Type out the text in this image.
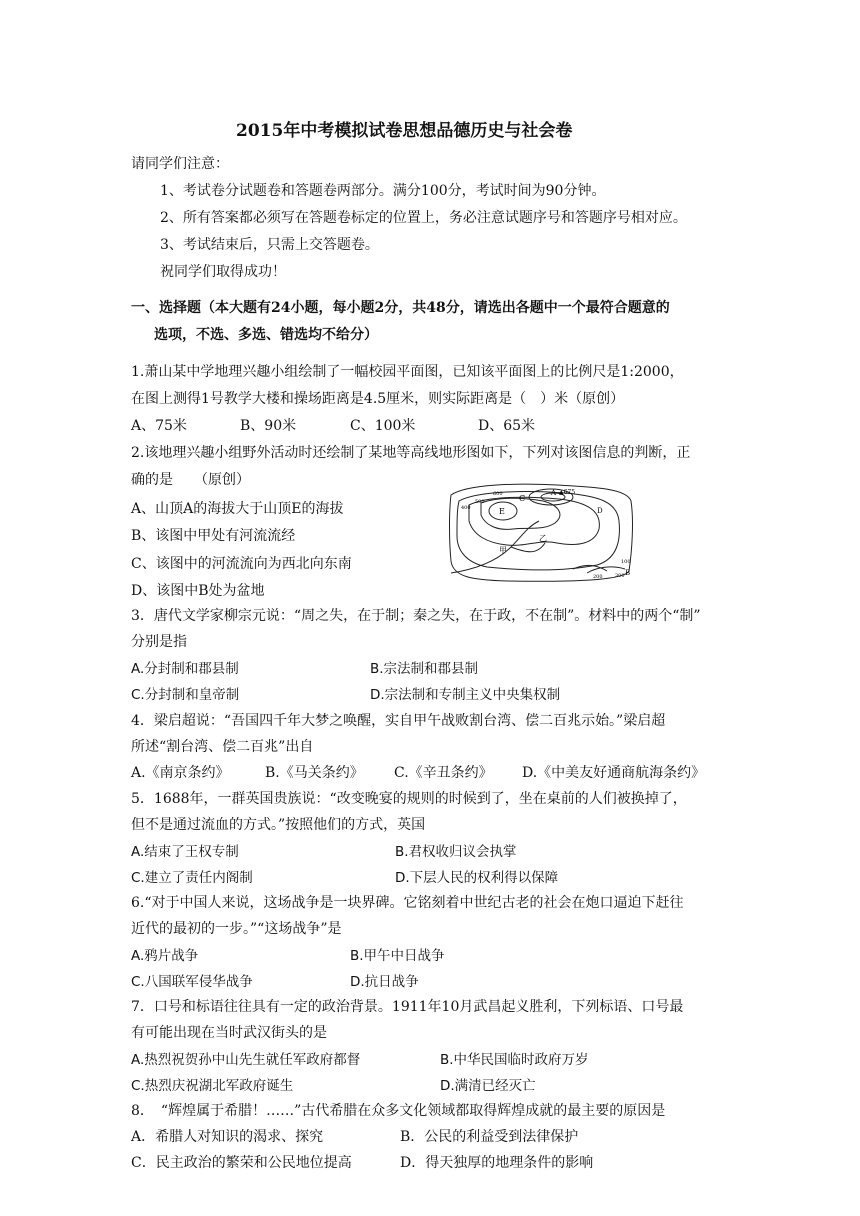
2015年中考模拟试卷思想品德历史与社会卷
请同学们注意：
1、考试卷分试题卷和答题卷两部分。满分100分，考试时间为90分钟。
2、所有答案都必须写在答题卷标定的位置上，务必注意试题序号和答题序号相对应。
3、考试结束后，只需上交答题卷。
祝同学们取得成功！
一、选择题（本大题有24小题，每小题2分，共48分，请选出各题中一个最符合题意的
选项，不选、多选、错选均不给分）
1.萧山某中学地理兴趣小组绘制了一幅校园平面图，已知该平面图上的比例尺是1:2000，
在图上测得1号教学大楼和操场距离是4.5厘米，则实际距离是（　）米（原创）
A、75米	B、90米	C、100米	D、65米
2.该地理兴趣小组野外活动时还绘制了某地等高线地形图如下，下列对该图信息的判断，正
确的是　　（原创）
A、山顶A的海拔大于山顶E的海拔
B、该图中甲处有河流流经
C、该图中的河流流向为西北向东南
D、该图中B处为盆地
A ▲675
C
E	D
B
甲
乙
600
500
400
300
200
100
3．唐代文学家柳宗元说：“周之失，在于制；秦之失，在于政，不在制”。材料中的两个“制”
分别是指
A.分封制和郡县制	B.宗法制和郡县制
C.分封制和皇帝制	D.宗法制和专制主义中央集权制
4．梁启超说：“吾国四千年大梦之唤醒，实自甲午战败割台湾、偿二百兆示始。”梁启超
所述“割台湾、偿二百兆”出自
A.《南京条约》	B.《马关条约》 C.《辛丑条约》 D.《中美友好通商航海条约》
5．1688年，一群英国贵族说：“改变晚宴的规则的时候到了，坐在桌前的人们被换掉了，
但不是通过流血的方式。”按照他们的方式，英国
A.结束了王权专制	B.君权收归议会执掌
C.建立了责任内阁制	D.下层人民的权利得以保障
6.“对于中国人来说，这场战争是一块界碑。它铭刻着中世纪古老的社会在炮口逼迫下赶往
近代的最初的一步。”“这场战争”是
A.鸦片战争	B.甲午中日战争
C.八国联军侵华战争	D.抗日战争
7．口号和标语往往具有一定的政治背景。1911年10月武昌起义胜利，下列标语、口号最
有可能出现在当时武汉街头的是
A.热烈祝贺孙中山先生就任军政府都督	B.中华民国临时政府万岁
C.热烈庆祝湖北军政府诞生	D.满清已经灭亡
8．　“辉煌属于希腊！……”古代希腊在众多文化领域都取得辉煌成就的最主要的原因是
A．希腊人对知识的渴求、探究	B．公民的利益受到法律保护
C．民主政治的繁荣和公民地位提高	D．得天独厚的地理条件的影响
